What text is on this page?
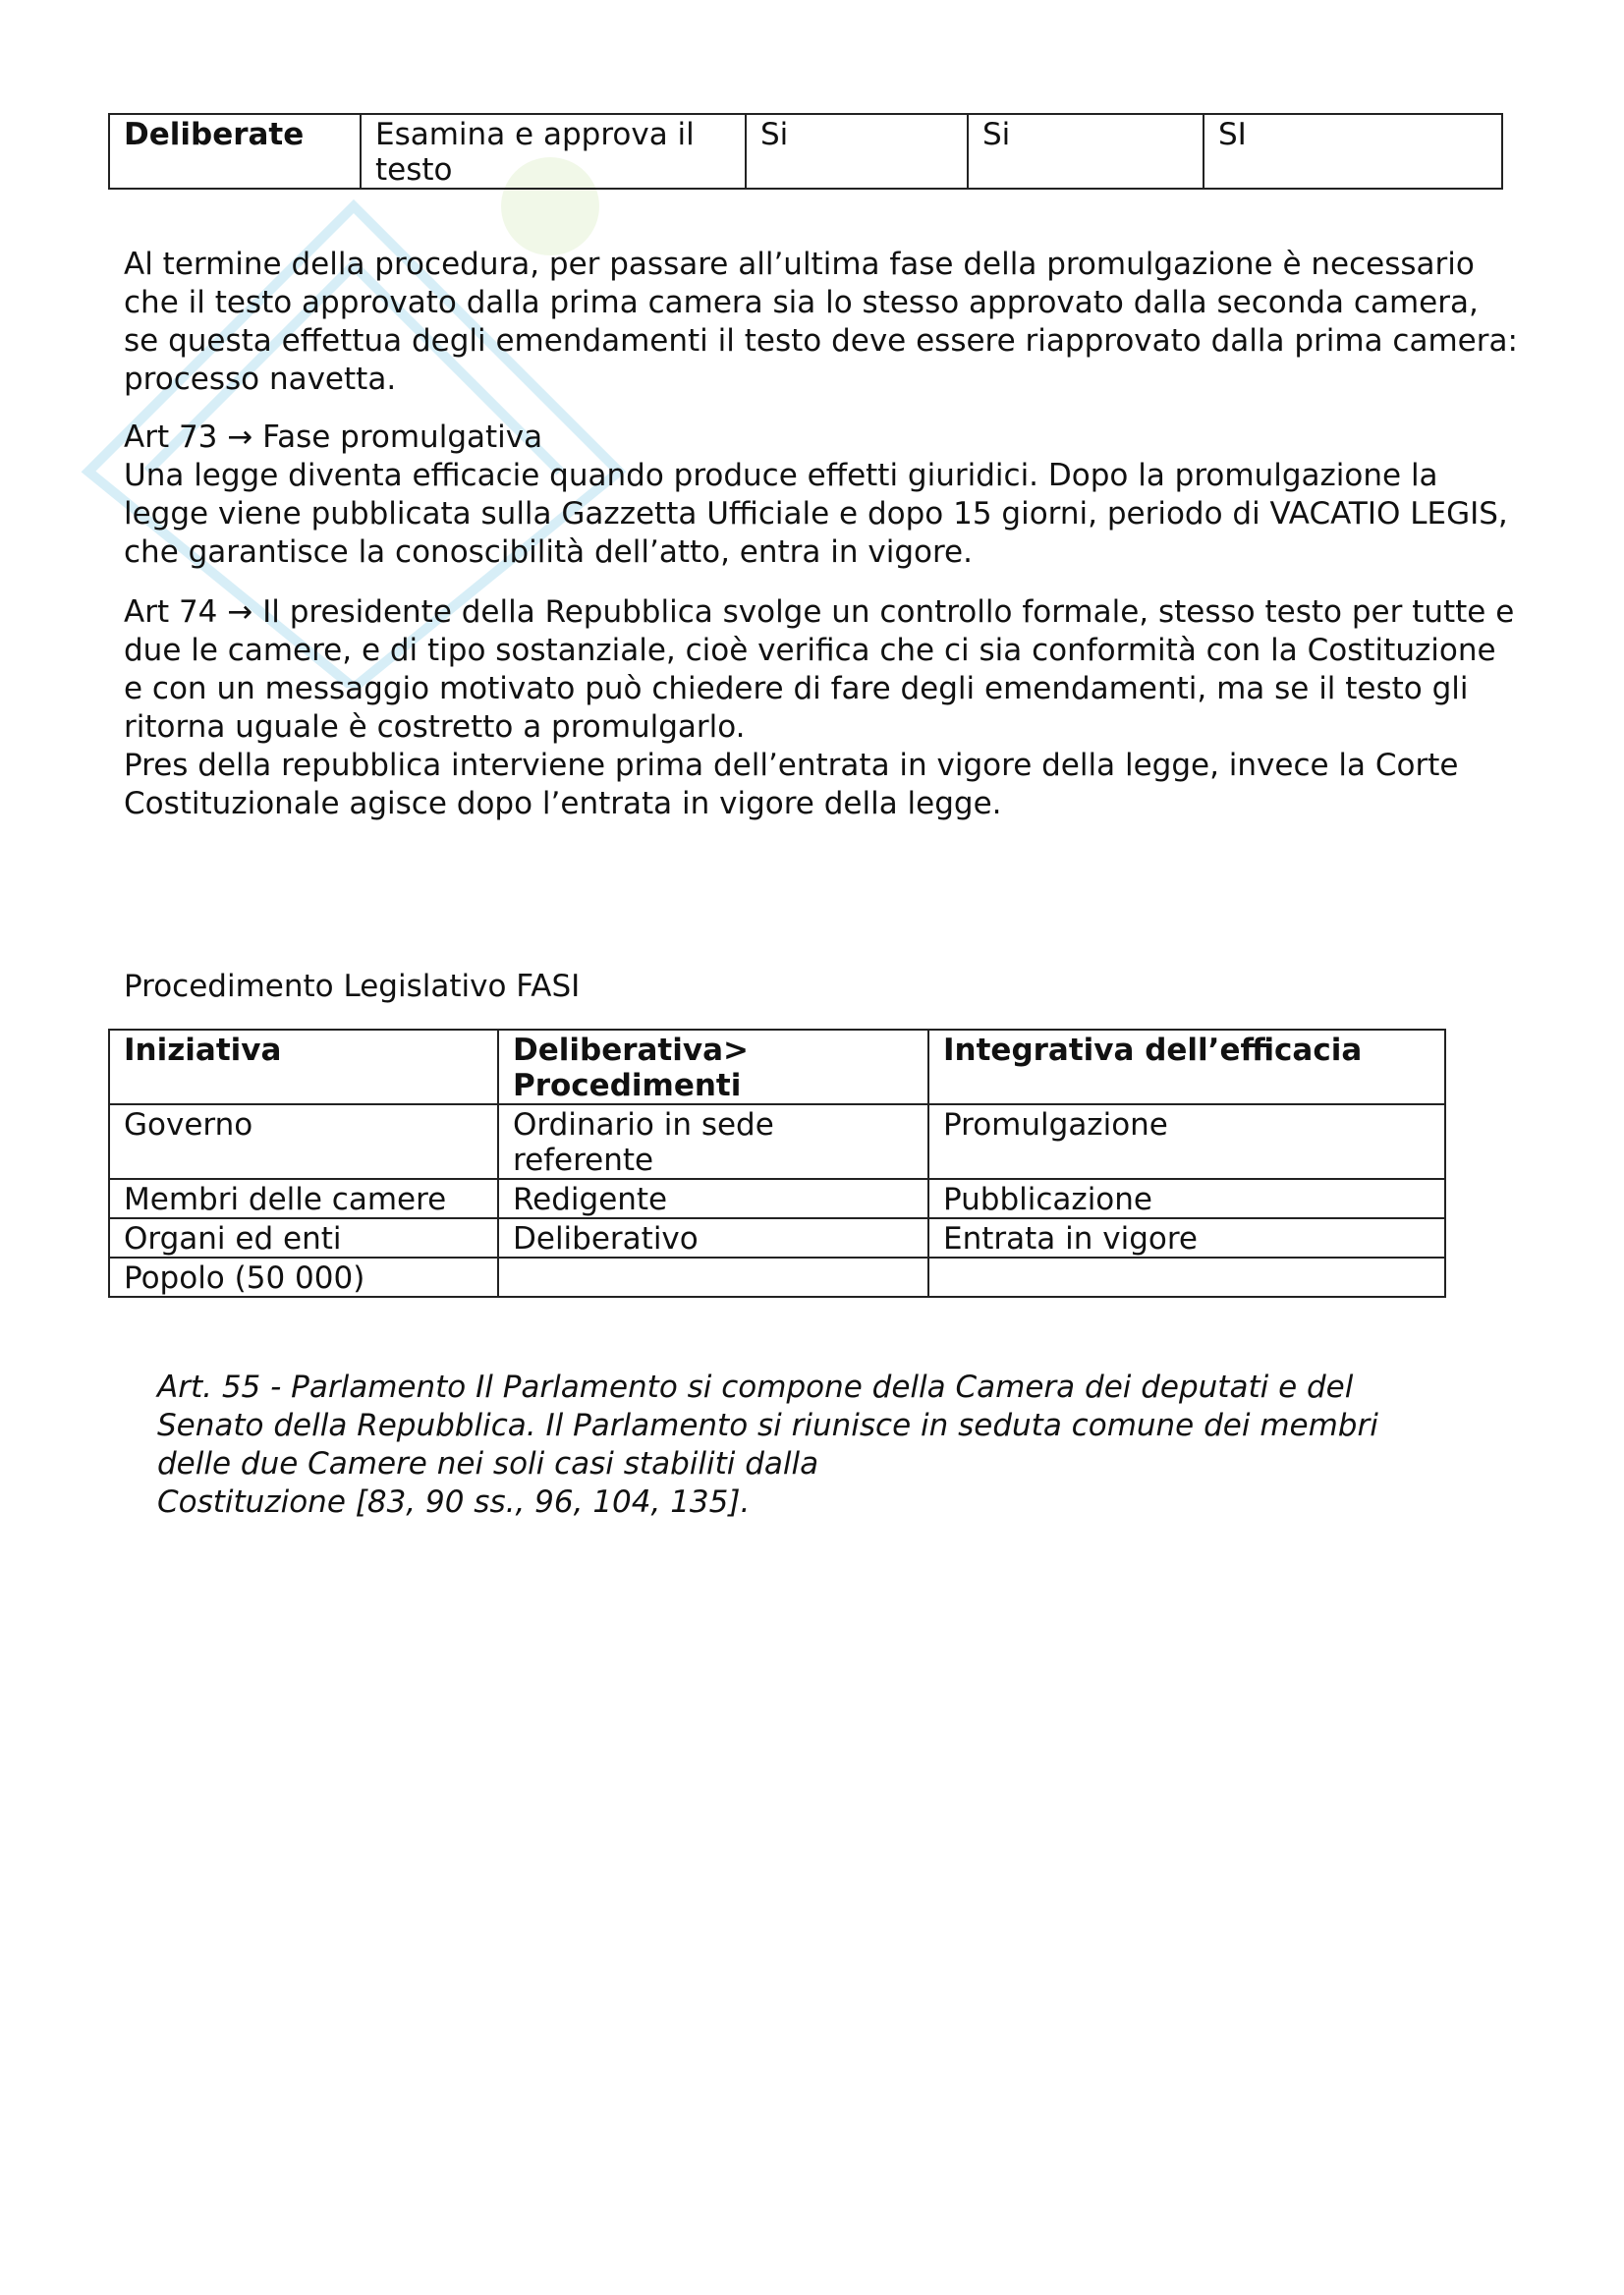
Deliberate	Esamina e approva il testo	Si	Si	SI

Al termine della procedura, per passare all’ultima fase della promulgazione è necessario che il testo approvato dalla prima camera sia lo stesso approvato dalla seconda camera, se questa effettua degli emendamenti il testo deve essere riapprovato dalla prima camera: processo navetta.

Art 73 → Fase promulgativa

Una legge diventa efficacie quando produce effetti giuridici. Dopo la promulgazione la legge viene pubblicata sulla Gazzetta Ufficiale e dopo 15 giorni, periodo di VACATIO LEGIS, che garantisce la conoscibilità dell’atto, entra in vigore.

Art 74 → Il presidente della Repubblica svolge un controllo formale, stesso testo per tutte e due le camere, e di tipo sostanziale, cioè verifica che ci sia conformità con la Costituzione e con un messaggio motivato può chiedere di fare degli emendamenti, ma se il testo gli ritorna uguale è costretto a promulgarlo.

Pres della repubblica interviene prima dell’entrata in vigore della legge, invece la Corte Costituzionale agisce dopo l’entrata in vigore della legge.

Procedimento Legislativo FASI

Iniziativa	Deliberativa> Procedimenti	Integrativa dell’efficacia
Governo	Ordinario in sede referente	Promulgazione
Membri delle camere	Redigente	Pubblicazione
Organi ed enti	Deliberativo	Entrata in vigore
Popolo (50 000)		

Art. 55 - Parlamento Il Parlamento si compone della Camera dei deputati e del Senato della Repubblica. Il Parlamento si riunisce in seduta comune dei membri delle due Camere nei soli casi stabiliti dalla

Costituzione [83, 90 ss., 96, 104, 135].
